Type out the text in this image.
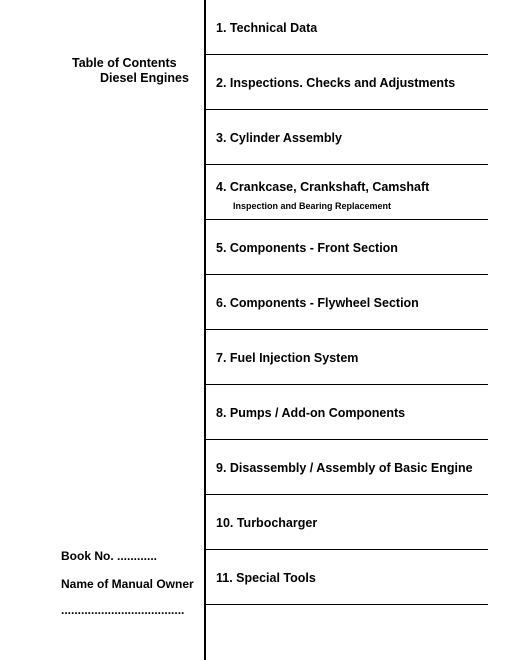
Table of Contents
Diesel Engines
Book No. ............
Name of Manual Owner
.....................................
1. Technical Data
2. Inspections. Checks and Adjustments
3. Cylinder Assembly
4. Crankcase, Crankshaft, Camshaft
Inspection and Bearing Replacement
5. Components - Front Section
6. Components - Flywheel Section
7. Fuel Injection System
8. Pumps / Add-on Components
9. Disassembly / Assembly of Basic Engine
10. Turbocharger
11. Special Tools
